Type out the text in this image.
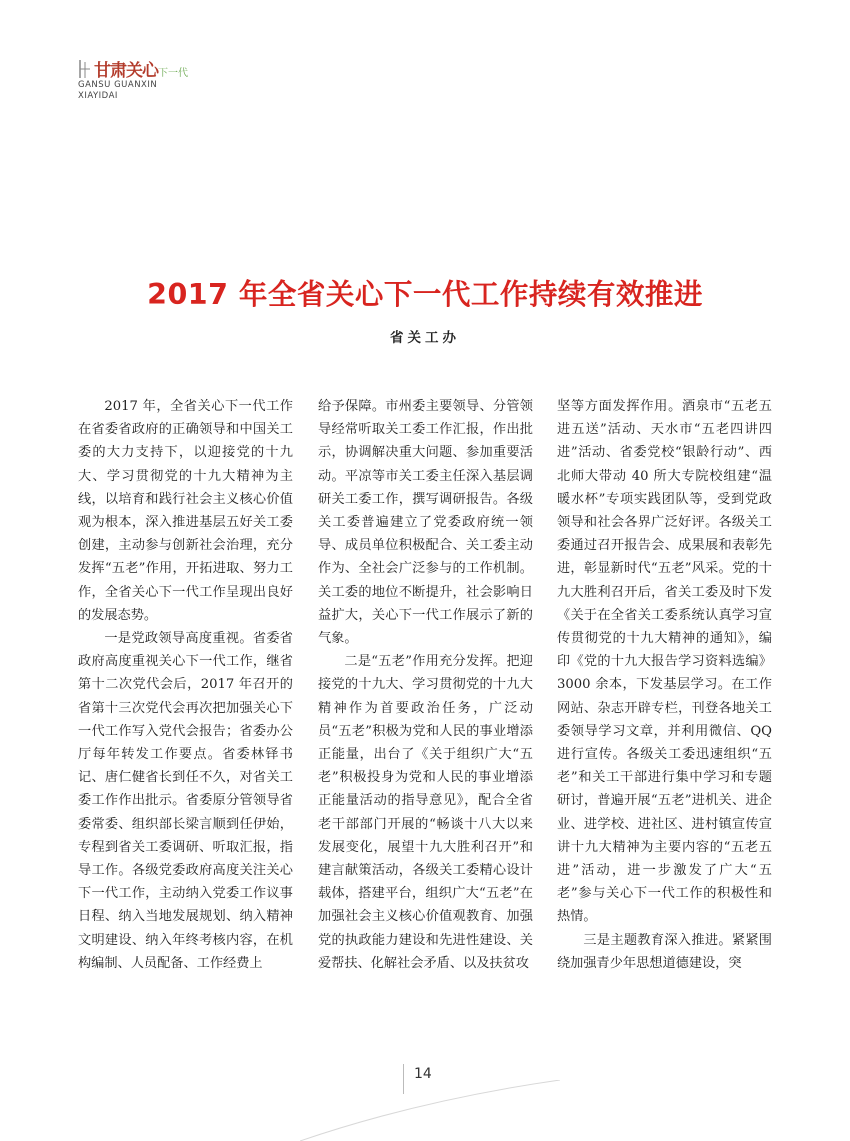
甘肃关心下一代
GANSU GUANXIN
XIAYIDAI
2017 年全省关心下一代工作持续有效推进
省关工办

2017 年，全省关心下一代工作在省委省政府的正确领导和中国关工委的大力支持下，以迎接党的十九大、学习贯彻党的十九大精神为主线，以培育和践行社会主义核心价值观为根本，深入推进基层五好关工委创建，主动参与创新社会治理，充分发挥“五老”作用，开拓进取、努力工作，全省关心下一代工作呈现出良好的发展态势。

一是党政领导高度重视。省委省政府高度重视关心下一代工作，继省第十二次党代会后，2017 年召开的省第十三次党代会再次把加强关心下一代工作写入党代会报告；省委办公厅每年转发工作要点。省委林铎书记、唐仁健省长到任不久，对省关工委工作作出批示。省委原分管领导省委常委、组织部长梁言顺到任伊始，专程到省关工委调研、听取汇报，指导工作。各级党委政府高度关注关心下一代工作，主动纳入党委工作议事日程、纳入当地发展规划、纳入精神文明建设、纳入年终考核内容，在机构编制、人员配备、工作经费上

给予保障。市州委主要领导、分管领导经常听取关工委工作汇报，作出批示，协调解决重大问题、参加重要活动。平凉等市关工委主任深入基层调研关工委工作，撰写调研报告。各级关工委普遍建立了党委政府统一领导、成员单位积极配合、关工委主动作为、全社会广泛参与的工作机制。关工委的地位不断提升，社会影响日益扩大，关心下一代工作展示了新的气象。

二是“五老”作用充分发挥。把迎接党的十九大、学习贯彻党的十九大精神作为首要政治任务，广泛动员“五老”积极为党和人民的事业增添正能量，出台了《关于组织广大“五老”积极投身为党和人民的事业增添正能量活动的指导意见》，配合全省老干部部门开展的“畅谈十八大以来发展变化，展望十九大胜利召开”和建言献策活动，各级关工委精心设计载体，搭建平台，组织广大“五老”在加强社会主义核心价值观教育、加强党的执政能力建设和先进性建设、关爱帮扶、化解社会矛盾、以及扶贫攻

坚等方面发挥作用。酒泉市“五老五进五送”活动、天水市“五老四讲四进”活动、省委党校“银龄行动”、西北师大带动 40 所大专院校组建“温暖水杯”专项实践团队等，受到党政领导和社会各界广泛好评。各级关工委通过召开报告会、成果展和表彰先进，彰显新时代“五老”风采。党的十九大胜利召开后，省关工委及时下发《关于在全省关工委系统认真学习宣传贯彻党的十九大精神的通知》，编印《党的十九大报告学习资料选编》3000 余本，下发基层学习。在工作网站、杂志开辟专栏，刊登各地关工委领导学习文章，并利用微信、QQ 进行宣传。各级关工委迅速组织“五老”和关工干部进行集中学习和专题研讨，普遍开展“五老”进机关、进企业、进学校、进社区、进村镇宣传宣讲十九大精神为主要内容的“五老五进”活动，进一步激发了广大“五老”参与关心下一代工作的积极性和热情。

三是主题教育深入推进。紧紧围绕加强青少年思想道德建设，突

14
